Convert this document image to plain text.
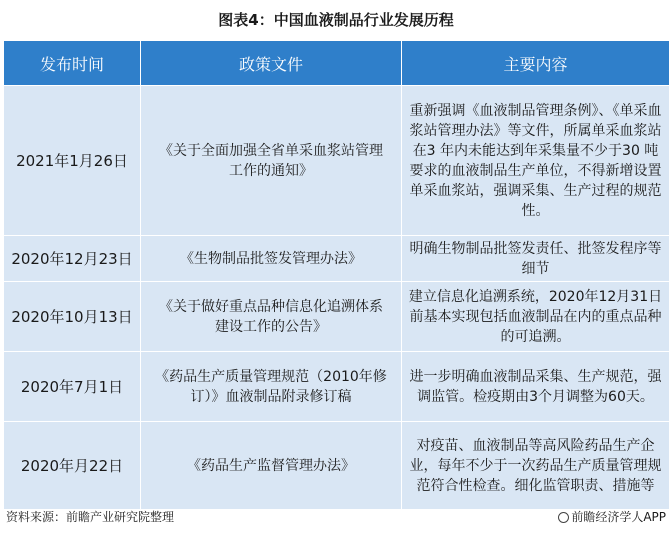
图表4：中国血液制品行业发展历程
发布时间	政策文件	主要内容
2021年1月26日	《关于全面加强全省单采血浆站管理工作的通知》	重新强调《血液制品管理条例》、《单采血浆站管理办法》等文件，所属单采血浆站在3 年内未能达到年采集量不少于30 吨要求的血液制品生产单位，不得新增设置单采血浆站，强调采集、生产过程的规范性。
2020年12月23日	《生物制品批签发管理办法》	明确生物制品批签发责任、批签发程序等细节
2020年10月13日	《关于做好重点品种信息化追溯体系建设工作的公告》	建立信息化追溯系统，2020年12月31日前基本实现包括血液制品在内的重点品种的可追溯。
2020年7月1日	《药品生产质量管理规范（2010年修订）》血液制品附录修订稿	进一步明确血液制品采集、生产规范，强调监管。检疫期由3个月调整为60天。
2020年月22日	《药品生产监督管理办法》	对疫苗、血液制品等高风险药品生产企业，每年不少于一次药品生产质量管理规范符合性检查。细化监管职责、措施等
资料来源：前瞻产业研究院整理	前瞻经济学人APP
